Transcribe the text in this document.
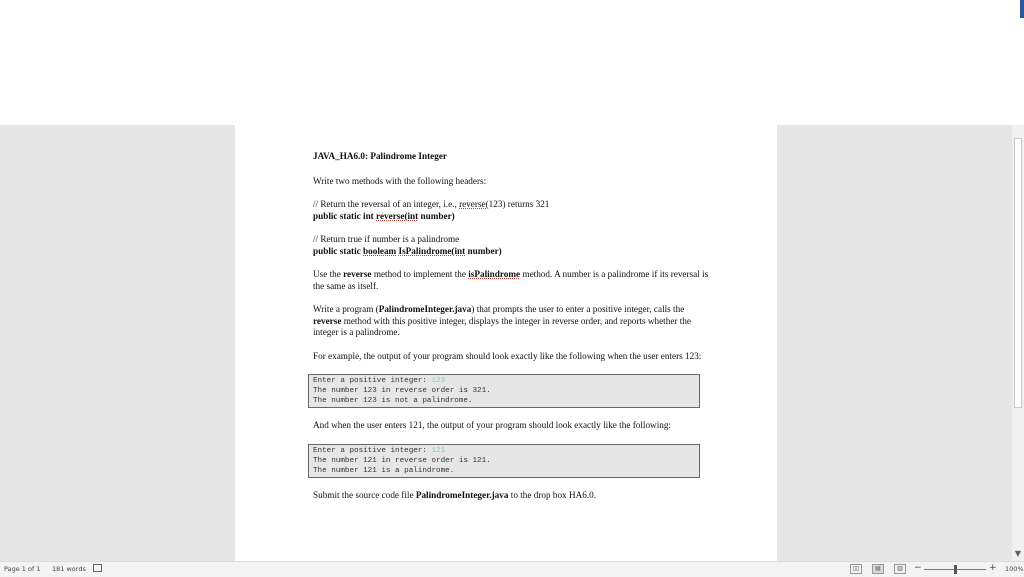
▼

JAVA_HA6.0: Palindrome Integer

Write two methods with the following headers:

// Return the reversal of an integer, i.e., reverse(123) returns 321

public static int reverse(int number)

// Return true if number is a palindrome

public static booleam IsPalindrome(int number)

Use the reverse method to implement the isPalindrome method. A number is a palindrome if its reversal is the same as itself.

Write a program (PalindromeInteger.java) that prompts the user to enter a positive integer, calls the reverse method with this positive integer, displays the integer in reverse order, and reports whether the integer is a palindrome.

For example, the output of your program should look exactly like the following when the user enters 123:

Enter a positive integer: 123
The number 123 in reverse order is 321.
The number 123 is not a palindrome.

And when the user enters 121, the output of your program should look exactly like the following:

Enter a positive integer: 121
The number 121 in reverse order is 121.
The number 121 is a palindrome.

Submit the source code file PalindromeInteger.java to the drop box HA6.0.

Page 1 of 1 181 words	▯▯	▤	▥	−	+ 100%
